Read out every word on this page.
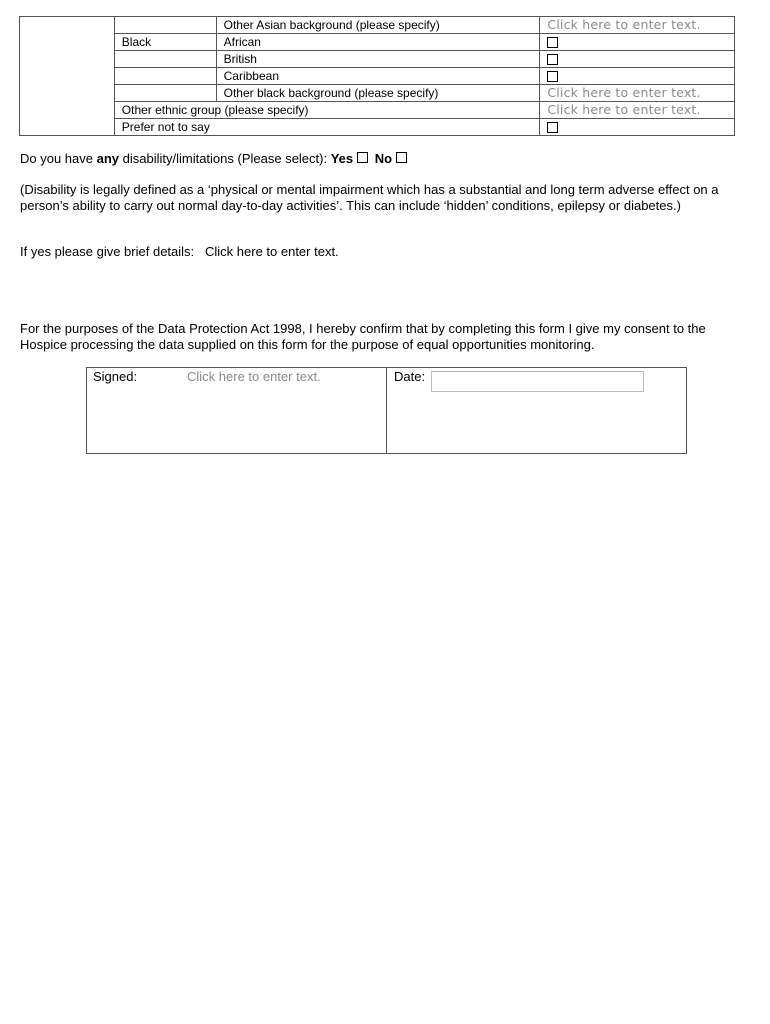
		Other Asian background (please specify)	Click here to enter text.
	Black	African	
		British	
		Caribbean	
		Other black background (please specify)	Click here to enter text.
	Other ethnic group (please specify)		Click here to enter text.
	Prefer not to say		
Do you have any disability/limitations (Please select): Yes No
(Disability is legally defined as a ‘physical or mental impairment which has a substantial and long term adverse effect on a person’s ability to carry out normal day-to-day activities’. This can include ‘hidden’ conditions, epilepsy or diabetes.)
If yes please give brief details: Click here to enter text.
For the purposes of the Data Protection Act 1998, I hereby confirm that by completing this form I give my consent to the Hospice processing the data supplied on this form for the purpose of equal opportunities monitoring.
Signed:	Click here to enter text.	Date:
